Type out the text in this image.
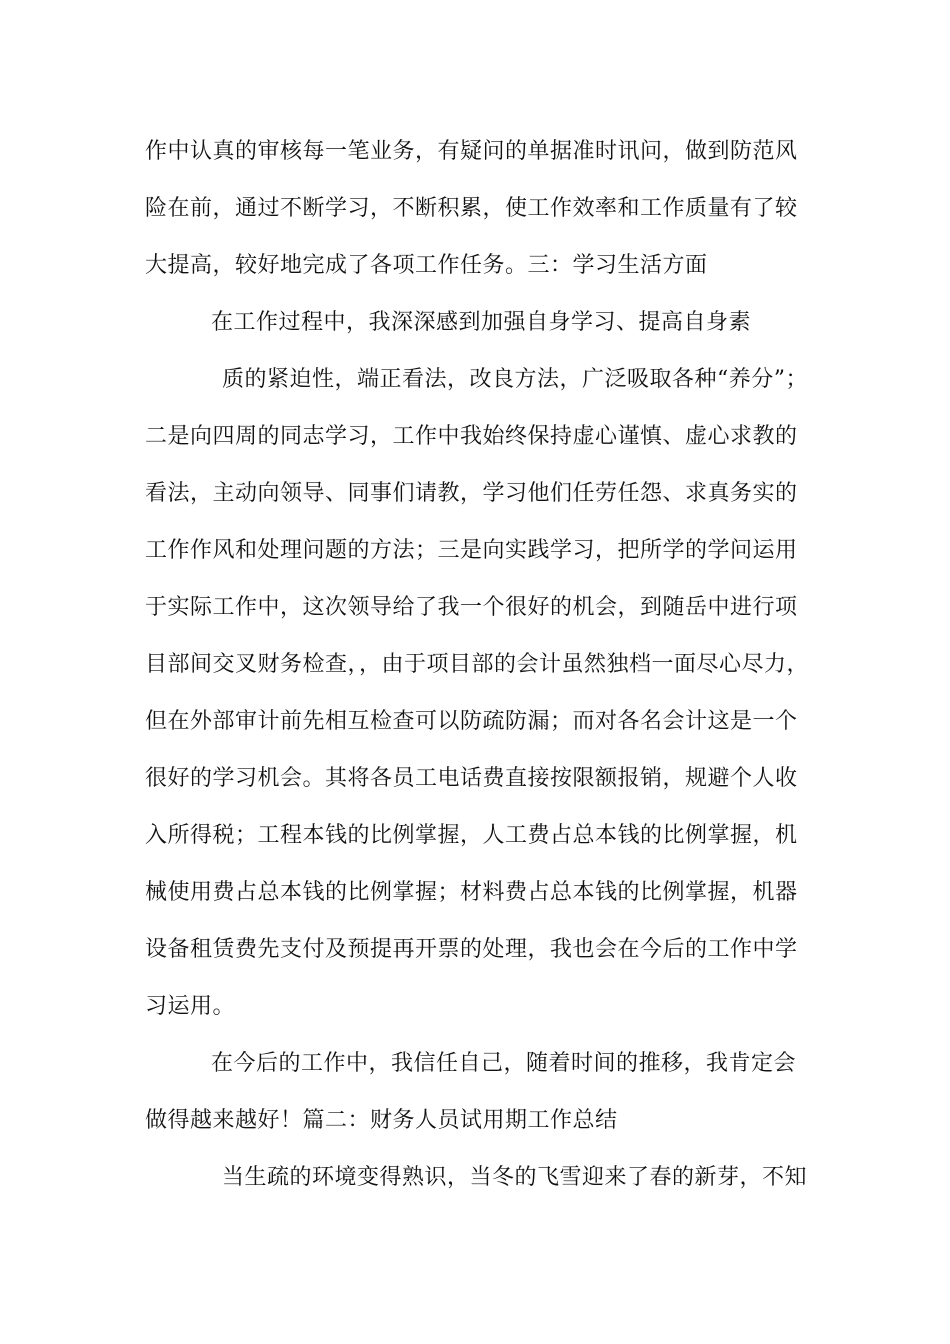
作中认真的审核每一笔业务，有疑问的单据准时讯问，做到防范风
险在前，通过不断学习，不断积累，使工作效率和工作质量有了较
大提高，较好地完成了各项工作任务。三：学习生活方面
在工作过程中，我深深感到加强自身学习、提高自身素
质的紧迫性，端正看法，改良方法，广泛吸取各种“养分”；
二是向四周的同志学习，工作中我始终保持虚心谨慎、虚心求教的
看法，主动向领导、同事们请教，学习他们任劳任怨、求真务实的
工作作风和处理问题的方法；三是向实践学习，把所学的学问运用
于实际工作中，这次领导给了我一个很好的机会，到随岳中进行项
目部间交叉财务检查，，由于项目部的会计虽然独档一面尽心尽力，
但在外部审计前先相互检查可以防疏防漏；而对各名会计这是一个
很好的学习机会。其将各员工电话费直接按限额报销，规避个人收
入所得税；工程本钱的比例掌握，人工费占总本钱的比例掌握，机
械使用费占总本钱的比例掌握；材料费占总本钱的比例掌握，机器
设备租赁费先支付及预提再开票的处理，我也会在今后的工作中学
习运用。
在今后的工作中，我信任自己，随着时间的推移，我肯定会
做得越来越好！篇二：财务人员试用期工作总结
当生疏的环境变得熟识，当冬的飞雪迎来了春的新芽，不知
